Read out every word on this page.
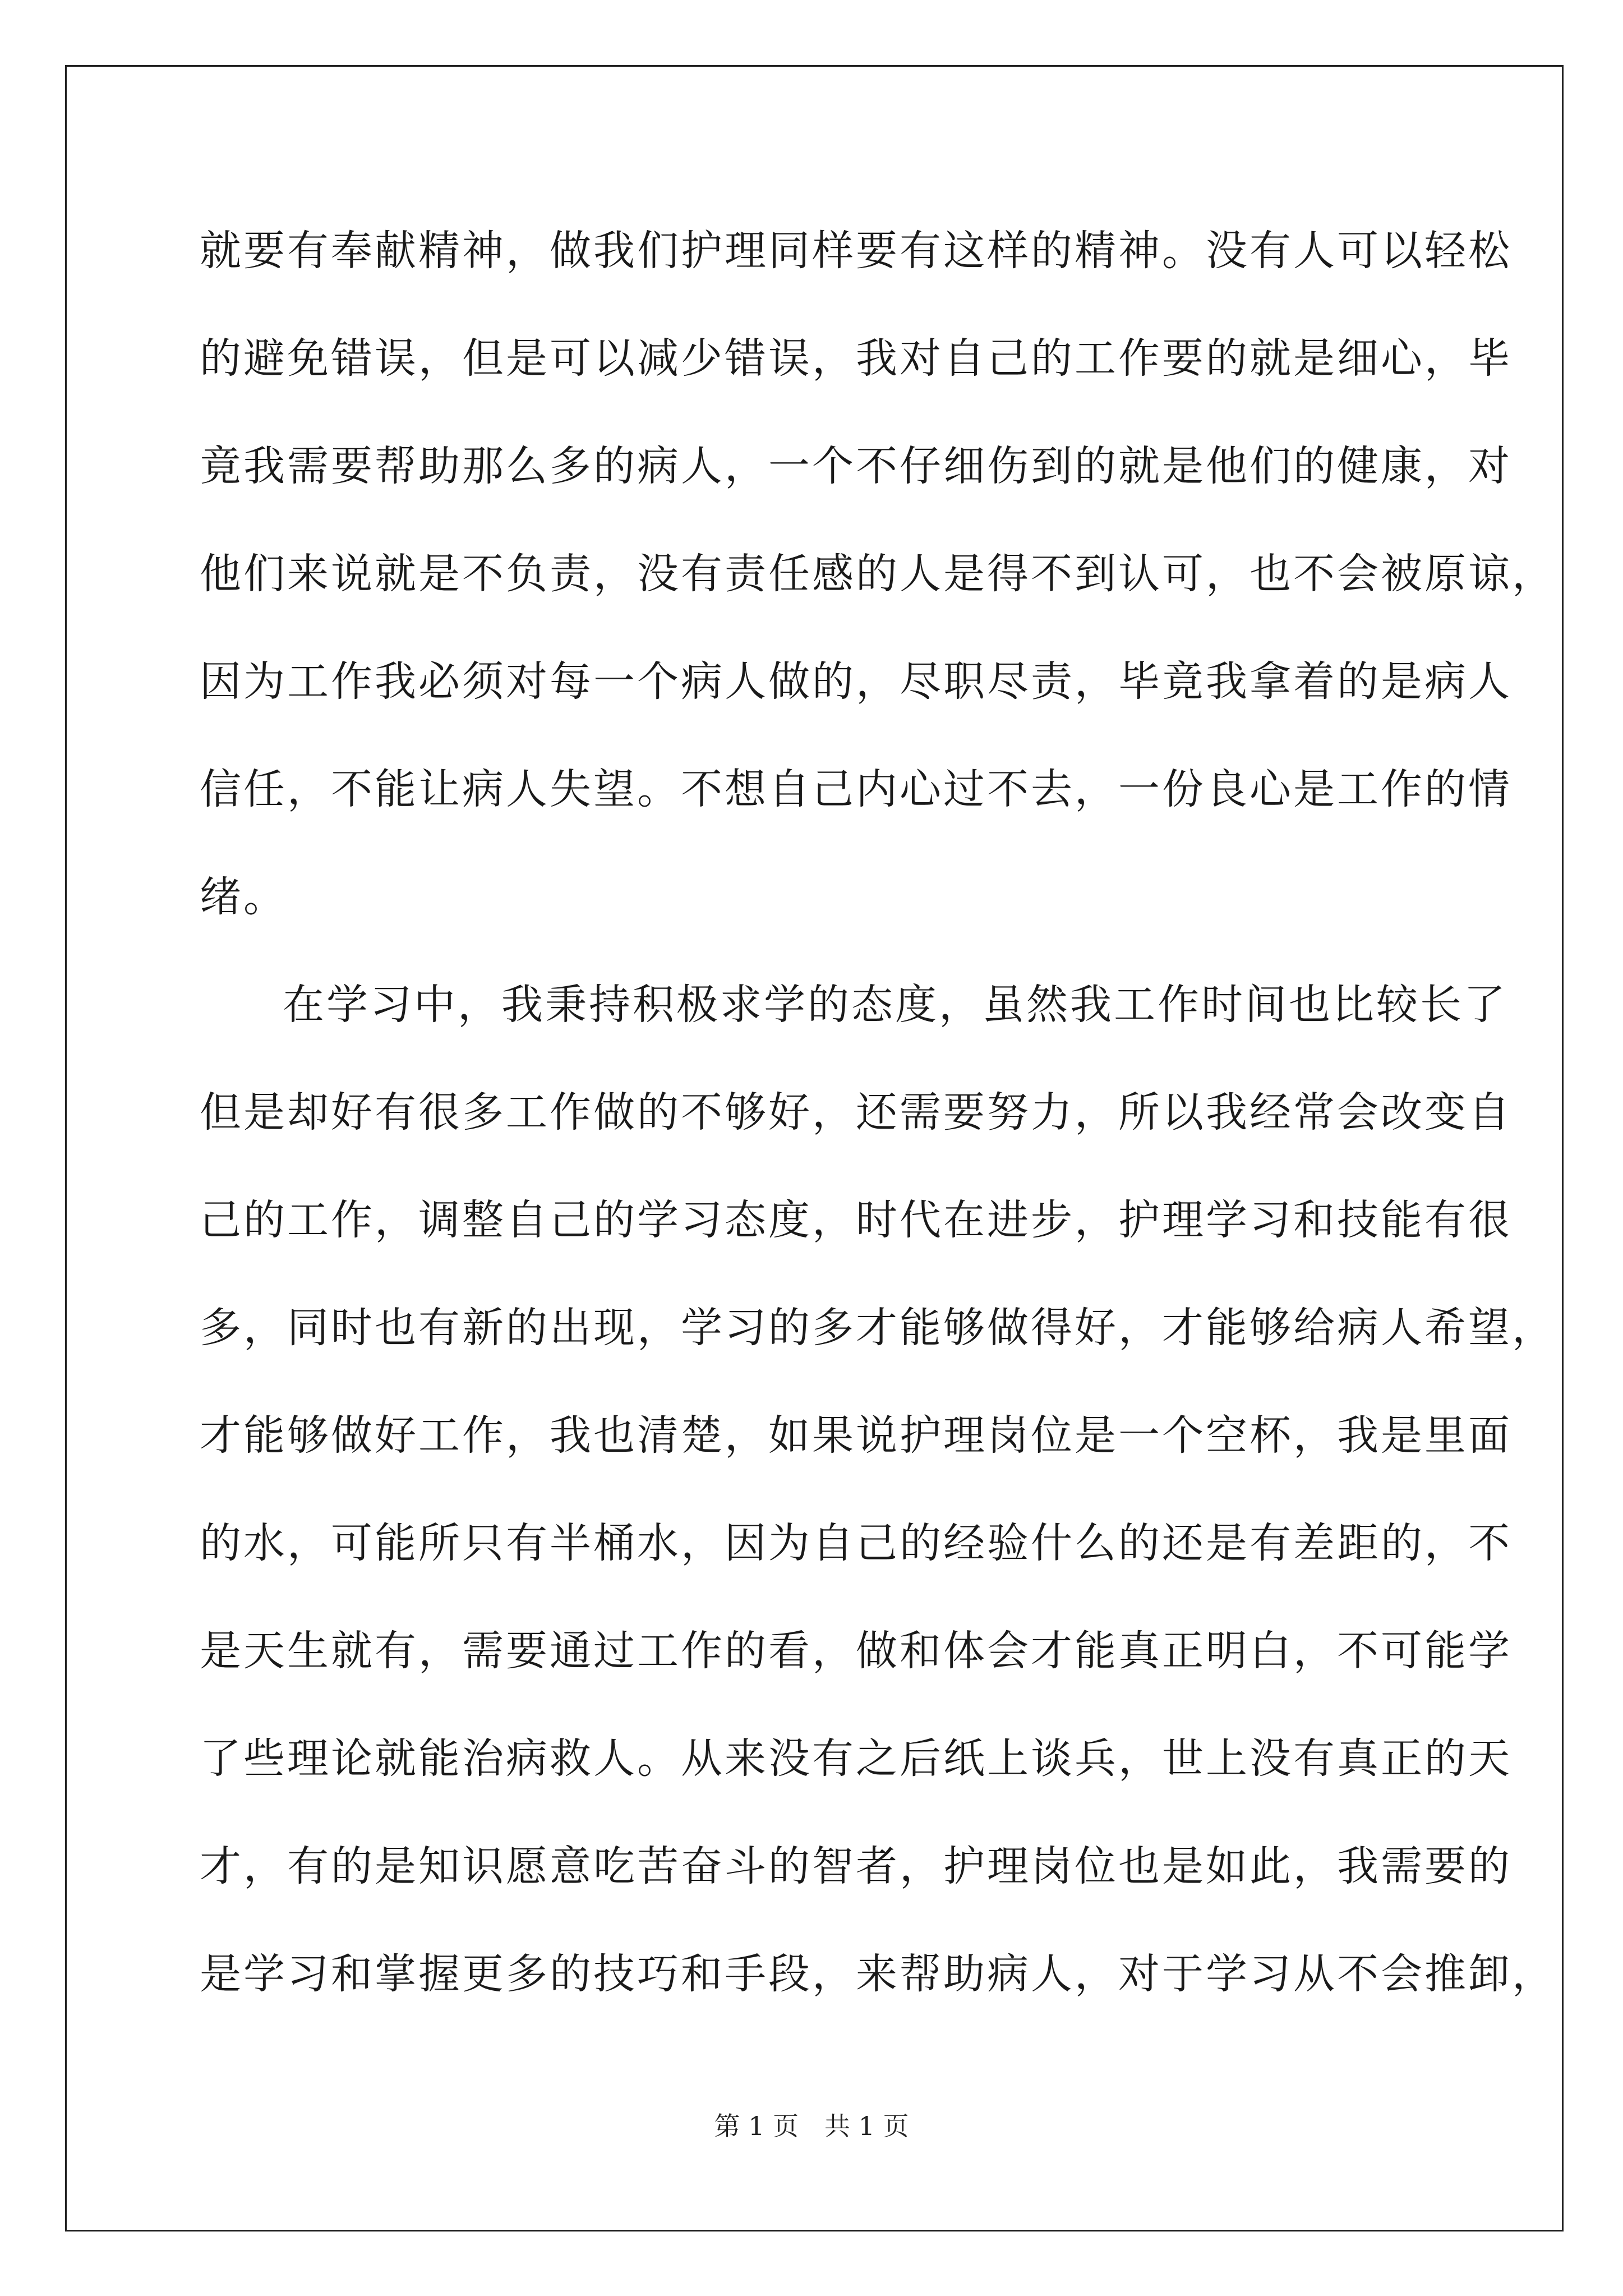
就要有奉献精神，做我们护理同样要有这样的精神。没有人可以轻松
的避免错误，但是可以减少错误，我对自己的工作要的就是细心，毕
竟我需要帮助那么多的病人，一个不仔细伤到的就是他们的健康，对
他们来说就是不负责，没有责任感的人是得不到认可，也不会被原谅，
因为工作我必须对每一个病人做的，尽职尽责，毕竟我拿着的是病人
信任，不能让病人失望。不想自己内心过不去，一份良心是工作的情
绪。
在学习中，我秉持积极求学的态度，虽然我工作时间也比较长了
但是却好有很多工作做的不够好，还需要努力，所以我经常会改变自
己的工作，调整自己的学习态度，时代在进步，护理学习和技能有很
多，同时也有新的出现，学习的多才能够做得好，才能够给病人希望，
才能够做好工作，我也清楚，如果说护理岗位是一个空杯，我是里面
的水，可能所只有半桶水，因为自己的经验什么的还是有差距的，不
是天生就有，需要通过工作的看，做和体会才能真正明白，不可能学
了些理论就能治病救人。从来没有之后纸上谈兵，世上没有真正的天
才，有的是知识愿意吃苦奋斗的智者，护理岗位也是如此，我需要的
是学习和掌握更多的技巧和手段，来帮助病人，对于学习从不会推卸，
第 1 页　共 1 页
